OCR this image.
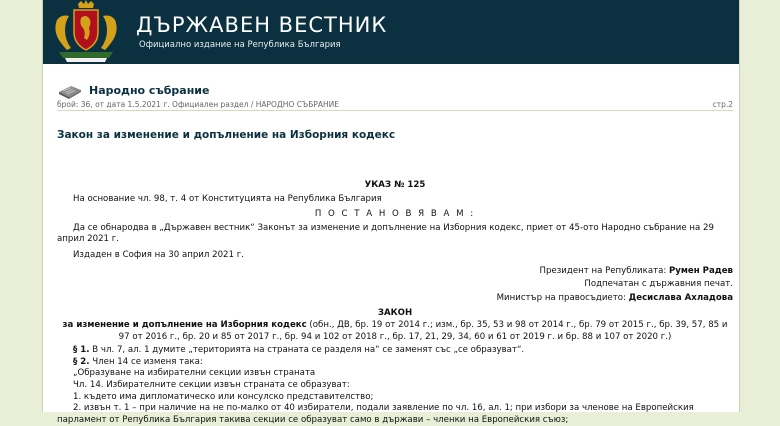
ДЪРЖАВЕН ВЕСТНИК
Официално издание на Република България
Народно събрание
брой: 36, от дата 1.5.2021 г. Официален раздел / НАРОДНО СЪБРАНИЕ	стр.2
Закон за изменение и допълнение на Изборния кодекс

УКАЗ № 125

На основание чл. 98, т. 4 от Конституцията на Република България

П О С Т А Н О В Я В А М :

Да се обнародва в „Държавен вестник“ Законът за изменение и допълнение на Изборния кодекс, приет от 45-ото Народно събрание на 29 април 2021 г.

Издаден в София на 30 април 2021 г.

Президент на Републиката: Румен Радев

Подпечатан с държавния печат.

Министър на правосъдието: Десислава Ахладова

ЗАКОН

за изменение и допълнение на Изборния кодекс (обн., ДВ, бр. 19 от 2014 г.; изм., бр. 35, 53 и 98 от 2014 г., бр. 79 от 2015 г., бр. 39, 57, 85 и 97 от 2016 г., бр. 20 и 85 от 2017 г., бр. 94 и 102 от 2018 г., бр. 17, 21, 29, 34, 60 и 61 от 2019 г. и бр. 88 и 107 от 2020 г.)

§ 1. В чл. 7, ал. 1 думите „територията на страната се разделя на“ се заменят със „се образуват“.

§ 2. Член 14 се изменя така:

„Образуване на избирателни секции извън страната

Чл. 14. Избирателните секции извън страната се образуват:

1. където има дипломатическо или консулско представителство;

2. извън т. 1 – при наличие на не по-малко от 40 избиратели, подали заявление по чл. 16, ал. 1; при избори за членове на Европейския парламент от Република България такива секции се образуват само в държави – членки на Европейския съюз;
